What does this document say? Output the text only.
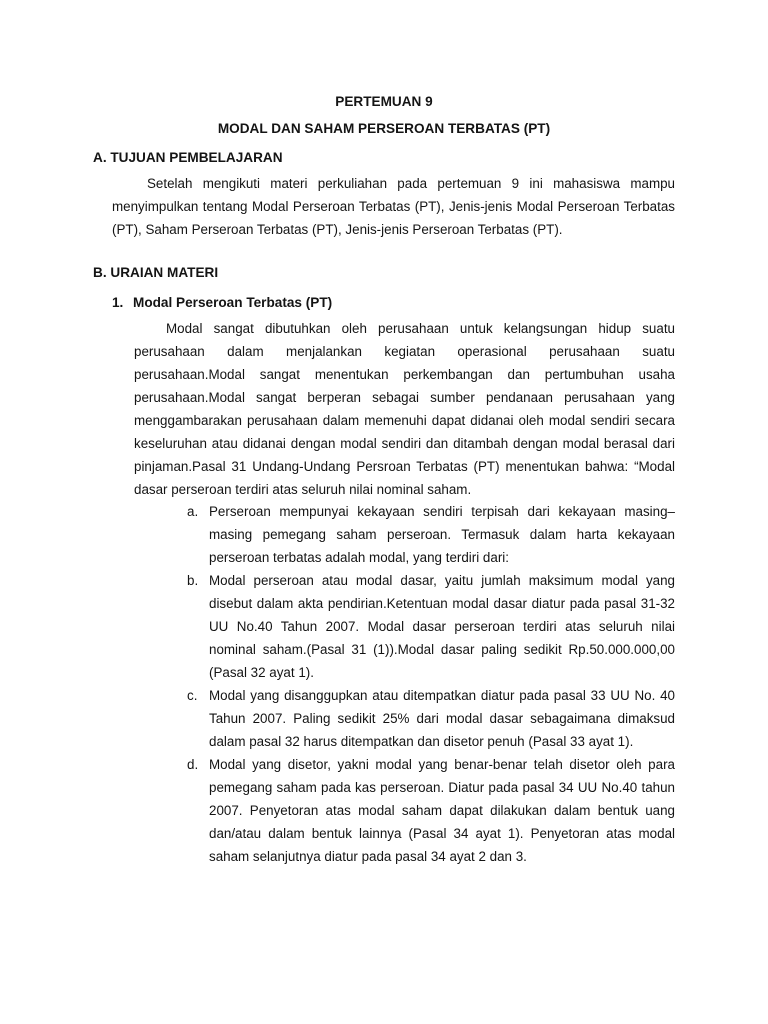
PERTEMUAN 9
MODAL DAN SAHAM PERSEROAN TERBATAS (PT)
A. TUJUAN PEMBELAJARAN
Setelah mengikuti materi perkuliahan pada pertemuan 9 ini mahasiswa mampu menyimpulkan tentang Modal Perseroan Terbatas (PT), Jenis-jenis Modal Perseroan Terbatas (PT), Saham Perseroan Terbatas (PT), Jenis-jenis Perseroan Terbatas (PT).
B. URAIAN MATERI
1. Modal Perseroan Terbatas (PT)
Modal sangat dibutuhkan oleh perusahaan untuk kelangsungan hidup suatu perusahaan dalam menjalankan kegiatan operasional perusahaan suatu perusahaan.Modal sangat menentukan perkembangan dan pertumbuhan usaha perusahaan.Modal sangat berperan sebagai sumber pendanaan perusahaan yang menggambarakan perusahaan dalam memenuhi dapat didanai oleh modal sendiri secara keseluruhan atau didanai dengan modal sendiri dan ditambah dengan modal berasal dari pinjaman.Pasal 31 Undang-Undang Persroan Terbatas (PT) menentukan bahwa: “Modal dasar perseroan terdiri atas seluruh nilai nominal saham.
a. Perseroan mempunyai kekayaan sendiri terpisah dari kekayaan masing–masing pemegang saham perseroan. Termasuk dalam harta kekayaan perseroan terbatas adalah modal, yang terdiri dari:
b. Modal perseroan atau modal dasar, yaitu jumlah maksimum modal yang disebut dalam akta pendirian.Ketentuan modal dasar diatur pada pasal 31-32 UU No.40 Tahun 2007. Modal dasar perseroan terdiri atas seluruh nilai nominal saham.(Pasal 31 (1)).Modal dasar paling sedikit Rp.50.000.000,00 (Pasal 32 ayat 1).
c. Modal yang disanggupkan atau ditempatkan diatur pada pasal 33 UU No. 40 Tahun 2007. Paling sedikit 25% dari modal dasar sebagaimana dimaksud dalam pasal 32 harus ditempatkan dan disetor penuh (Pasal 33 ayat 1).
d. Modal yang disetor, yakni modal yang benar-benar telah disetor oleh para pemegang saham pada kas perseroan. Diatur pada pasal 34 UU No.40 tahun 2007. Penyetoran atas modal saham dapat dilakukan dalam bentuk uang dan/atau dalam bentuk lainnya (Pasal 34 ayat 1). Penyetoran atas modal saham selanjutnya diatur pada pasal 34 ayat 2 dan 3.
